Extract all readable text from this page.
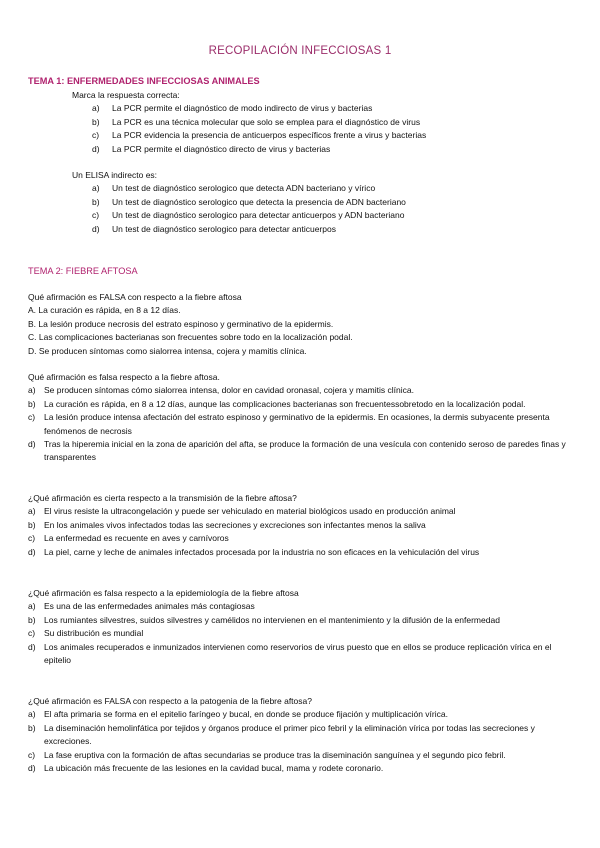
RECOPILACIÓN INFECCIOSAS 1
TEMA 1: ENFERMEDADES INFECCIOSAS ANIMALES
Marca la respuesta correcta:
a)	La PCR permite el diagnóstico de modo indirecto de virus y bacterias
b)	La PCR es una técnica molecular que solo se emplea para el diagnóstico de virus
c)	La PCR evidencia la presencia de anticuerpos específicos frente a virus y bacterias
d)	La PCR permite el diagnóstico directo de virus y bacterias
Un ELISA indirecto es:
a)	Un test de diagnóstico serologico que detecta ADN bacteriano y vírico
b)	Un test de diagnóstico serologico que detecta la presencia de ADN bacteriano
c)	Un test de diagnóstico serologico para detectar anticuerpos y ADN bacteriano
d)	Un test de diagnóstico serologico para detectar anticuerpos
TEMA 2: FIEBRE AFTOSA
Qué afirmación es FALSA con respecto a la fiebre aftosa
A. La curación es rápida, en 8 a 12 días.
B. La lesión produce necrosis del estrato espinoso y germinativo de la epidermis.
C. Las complicaciones bacterianas son frecuentes sobre todo en la localización podal.
D. Se producen síntomas como sialorrea intensa, cojera y mamitis clínica.
Qué afirmación es falsa respecto a la fiebre aftosa.
a) Se producen síntomas cómo sialorrea intensa, dolor en cavidad oronasal, cojera y mamitis clínica.
b) La curación es rápida, en 8 a 12 días, aunque las complicaciones bacterianas son frecuentessobretodo en la localización podal.
c)	La lesión produce intensa afectación del estrato espinoso y germinativo de la epidermis. En ocasiones, la dermis subyacente presenta fenómenos de necrosis
d) Tras la hiperemia inicial en la zona de aparición del afta, se produce la formación de una vesícula con contenido seroso de paredes finas y transparentes
¿Qué afirmación es cierta respecto a la transmisión de la fiebre aftosa?
a) El virus resiste la ultracongelación y puede ser vehiculado en material biológicos usado en producción animal
b) En los animales vivos infectados todas las secreciones y excreciones son infectantes menos la saliva
c)	La enfermedad es recuente en aves y carnívoros
d) La piel, carne y leche de animales infectados procesada por la industria no son eficaces en la vehiculación del virus
¿Qué afirmación es falsa respecto a la epidemiología de la fiebre aftosa
a) Es una de las enfermedades animales más contagiosas
b) Los rumiantes silvestres, suidos silvestres y camélidos no intervienen en el mantenimiento y la difusión de la enfermedad
c)	Su distribución es mundial
d) Los animales recuperados e inmunizados intervienen como reservorios de virus puesto que en ellos se produce replicación vírica en el epitelio
¿Qué afirmación es FALSA con respecto a la patogenia de la fiebre aftosa?
a) El afta primaria se forma en el epitelio faríngeo y bucal, en donde se produce fijación y multiplicación vírica.
b) La diseminación hemolinfática por tejidos y órganos produce el primer pico febril y la eliminación vírica por todas las secreciones y excreciones.
c)	La fase eruptiva con la formación de aftas secundarias se produce tras la diseminación sanguínea y el segundo pico febril.
d) La ubicación más frecuente de las lesiones en la cavidad bucal, mama y rodete coronario.
